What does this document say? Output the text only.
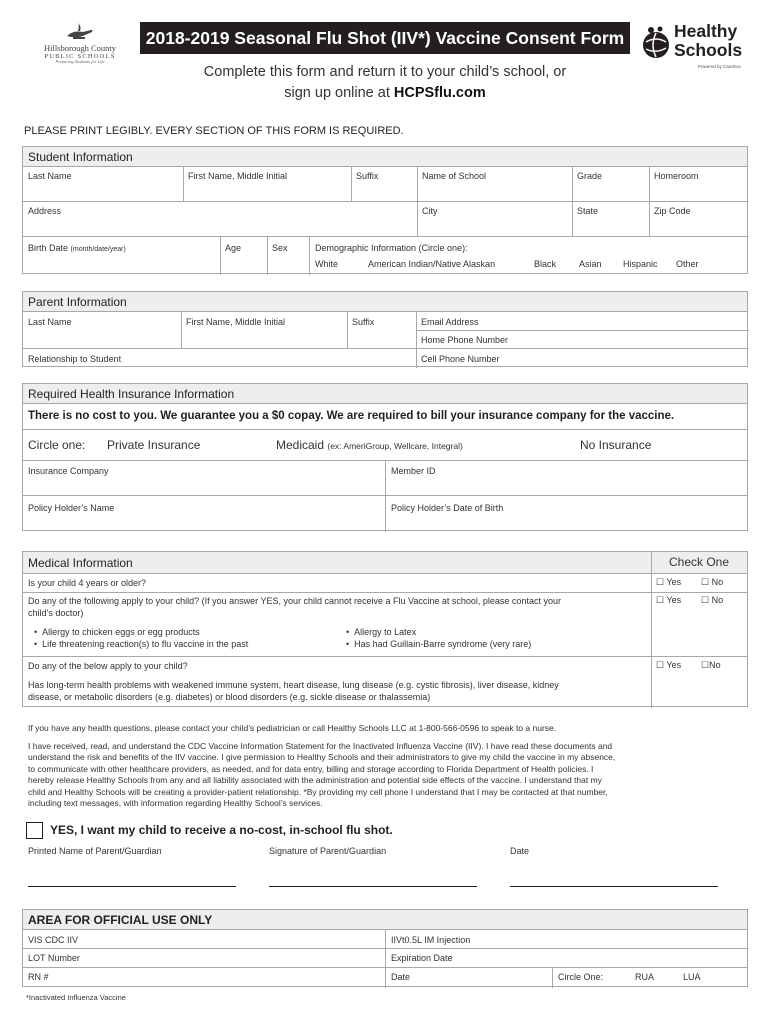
Hillsborough County
PUBLIC SCHOOLS
Preparing Students for Life
2018-2019 Seasonal Flu Shot (IIV*) Vaccine Consent Form
Complete this form and return it to your child’s school, or
sign up online at HCPSflu.com
Healthy
Schools
Powered by CareDox
PLEASE PRINT LEGIBLY. EVERY SECTION OF THIS FORM IS REQUIRED.
Student Information
Last Name	First Name, Middle Initial	Suffix	Name of School	Grade	Homeroom
Address	City	State	Zip Code
Birth Date (month/date/year)	Age	Sex	Demographic Information (Circle one):
White	American Indian/Native Alaskan	Black	Asian Hispanic Other
Parent Information
Last Name	First Name, Middle Initial	Suffix	Email Address
Home Phone Number
Relationship to Student	Cell Phone Number
Required Health Insurance Information
There is no cost to you. We guarantee you a $0 copay. We are required to bill your insurance company for the vaccine.
Circle one: Private Insurance	Medicaid (ex: AmeriGroup, Wellcare, Integral)	No Insurance
Insurance Company	Member ID
Policy Holder’s Name	Policy Holder’s Date of Birth
Medical Information	Check One
Is your child 4 years or older?	☐ Yes ☐ No
Do any of the following apply to your child? (If you answer YES, your child cannot receive a Flu Vaccine at school, please contact your
child’s doctor)
☐ Yes ☐ No
•  Allergy to chicken eggs or egg products
•  Life threatening reaction(s) to flu vaccine in the past
•  Allergy to Latex
•  Has had Guillain-Barre syndrome (very rare)
Do any of the below apply to your child?	☐ Yes ☐No
Has long-term health problems with weakened immune system, heart disease, lung disease (e.g. cystic fibrosis), liver disease, kidney
disease, or metabolic disorders (e.g. diabetes) or blood disorders (e.g. sickle disease or thalassemia)
If you have any health questions, please contact your child’s pediatrician or call Healthy Schools LLC at 1-800-566-0596 to speak to a nurse.
I have received, read, and understand the CDC Vaccine Information Statement for the Inactivated Influenza Vaccine (IIV). I have read these documents and
understand the risk and benefits of the IIV vaccine. I give permission to Healthy Schools and their administrators to give my child the vaccine in my absence,
to communicate with other healthcare providers, as needed, and for data entry, billing and storage according to Florida Department of Health policies. I
hereby release Healthy Schools from any and all liability associated with the administration and potential side effects of the vaccine. I understand that my
child and Healthy Schools will be creating a provider-patient relationship. *By providing my cell phone I understand that I may be contacted at that number,
including text messages, with information regarding Healthy School’s services.
YES, I want my child to receive a no-cost, in-school flu shot.
Printed Name of Parent/Guardian	Signature of Parent/Guardian	Date
AREA FOR OFFICIAL USE ONLY
VIS CDC IIV	IIVt0.5L IM Injection
LOT Number	Expiration Date
RN #	Date	Circle One:	RUA	LUA
*Inactivated Influenza Vaccine
